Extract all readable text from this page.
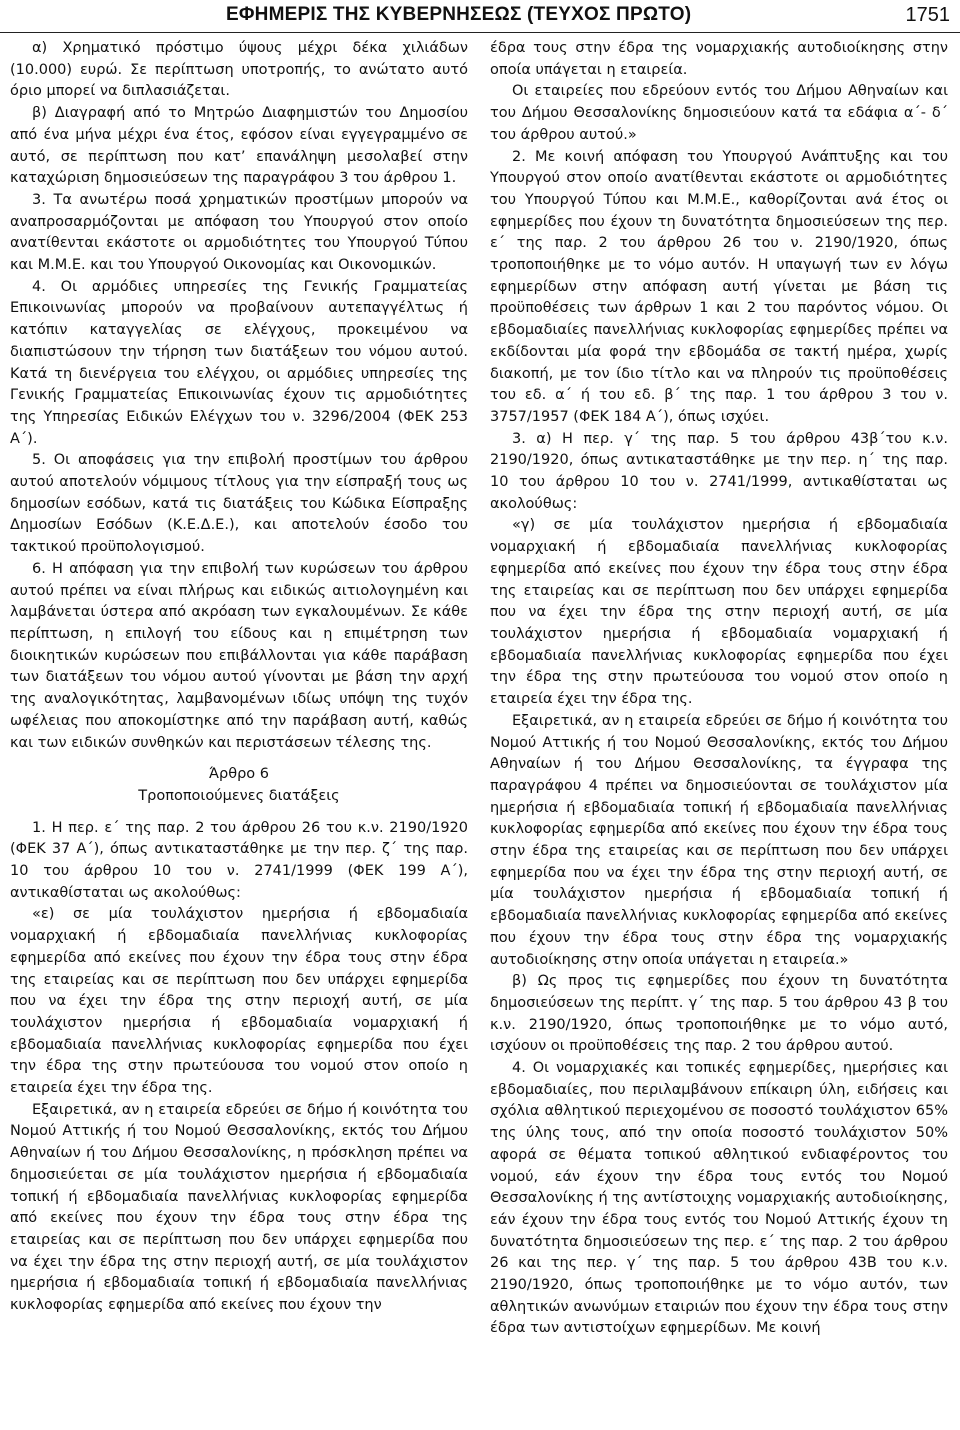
ΕΦΗΜΕΡΙΣ ΤΗΣ ΚΥΒΕΡΝΗΣΕΩΣ (ΤΕΥΧΟΣ ΠΡΩΤΟ)	1751

α) Χρηματικό πρόστιμο ύψους μέχρι δέκα χιλιάδων (10.000) ευρώ. Σε περίπτωση υποτροπής, το ανώτατο αυτό όριο μπορεί να διπλασιάζεται.

β) Διαγραφή από το Μητρώο Διαφημιστών του Δημοσίου από ένα μήνα μέχρι ένα έτος, εφόσον είναι εγγεγραμμένο σε αυτό, σε περίπτωση που κατ’ επανάληψη μεσολαβεί στην καταχώριση δημοσιεύσεων της παραγράφου 3 του άρθρου 1.

3. Τα ανωτέρω ποσά χρηματικών προστίμων μπορούν να αναπροσαρμόζονται με απόφαση του Υπουργού στον οποίο ανατίθενται εκάστοτε οι αρμοδιότητες του Υπουργού Τύπου και Μ.Μ.Ε. και του Υπουργού Οικονομίας και Οικονομικών.

4. Οι αρμόδιες υπηρεσίες της Γενικής Γραμματείας Επικοινωνίας μπορούν να προβαίνουν αυτεπαγγέλτως ή κατόπιν καταγγελίας σε ελέγχους, προκειμένου να διαπιστώσουν την τήρηση των διατάξεων του νόμου αυτού. Κατά τη διενέργεια του ελέγχου, οι αρμόδιες υπηρεσίες της Γενικής Γραμματείας Επικοινωνίας έχουν τις αρμοδιότητες της Υπηρεσίας Ειδικών Ελέγχων του ν. 3296/2004 (ΦΕΚ 253 Α΄).

5. Οι αποφάσεις για την επιβολή προστίμων του άρθρου αυτού αποτελούν νόμιμους τίτλους για την είσπραξή τους ως δημοσίων εσόδων, κατά τις διατάξεις του Κώδικα Είσπραξης Δημοσίων Εσόδων (Κ.Ε.Δ.Ε.), και αποτελούν έσοδο του τακτικού προϋπολογισμού.

6. Η απόφαση για την επιβολή των κυρώσεων του άρθρου αυτού πρέπει να είναι πλήρως και ειδικώς αιτιολογημένη και λαμβάνεται ύστερα από ακρόαση των εγκαλουμένων. Σε κάθε περίπτωση, η επιλογή του είδους και η επιμέτρηση των διοικητικών κυρώσεων που επιβάλλονται για κάθε παράβαση των διατάξεων του νόμου αυτού γίνονται με βάση την αρχή της αναλογικότητας, λαμβανομένων ιδίως υπόψη της τυχόν ωφέλειας που αποκομίστηκε από την παράβαση αυτή, καθώς και των ειδικών συνθηκών και περιστάσεων τέλεσης της.

Άρθρο 6

Τροποποιούμενες διατάξεις

1. Η περ. ε΄ της παρ. 2 του άρθρου 26 του κ.ν. 2190/1920 (ΦΕΚ 37 Α΄), όπως αντικαταστάθηκε με την περ. ζ΄ της παρ. 10 του άρθρου 10 του ν. 2741/1999 (ΦΕΚ 199 Α΄), αντικαθίσταται ως ακολούθως:

«ε) σε μία τουλάχιστον ημερήσια ή εβδομαδιαία νομαρχιακή ή εβδομαδιαία πανελλήνιας κυκλοφορίας εφημερίδα από εκείνες που έχουν την έδρα τους στην έδρα της εταιρείας και σε περίπτωση που δεν υπάρχει εφημερίδα που να έχει την έδρα της στην περιοχή αυτή, σε μία τουλάχιστον ημερήσια ή εβδομαδιαία νομαρχιακή ή εβδομαδιαία πανελλήνιας κυκλοφορίας εφημερίδα που έχει την έδρα της στην πρωτεύουσα του νομού στον οποίο η εταιρεία έχει την έδρα της.

Εξαιρετικά, αν η εταιρεία εδρεύει σε δήμο ή κοινότητα του Νομού Αττικής ή του Νομού Θεσσαλονίκης, εκτός του Δήμου Αθηναίων ή του Δήμου Θεσσαλονίκης, η πρόσκληση πρέπει να δημοσιεύεται σε μία τουλάχιστον ημερήσια ή εβδομαδιαία τοπική ή εβδομαδιαία πανελλήνιας κυκλοφορίας εφημερίδα από εκείνες που έχουν την έδρα τους στην έδρα της εταιρείας και σε περίπτωση που δεν υπάρχει εφημερίδα που να έχει την έδρα της στην περιοχή αυτή, σε μία τουλάχιστον ημερήσια ή εβδομαδιαία τοπική ή εβδομαδιαία πανελλήνιας κυκλοφορίας εφημερίδα από εκείνες που έχουν την

έδρα τους στην έδρα της νομαρχιακής αυτοδιοίκησης στην οποία υπάγεται η εταιρεία.

Οι εταιρείες που εδρεύουν εντός του Δήμου Αθηναίων και του Δήμου Θεσσαλονίκης δημοσιεύουν κατά τα εδάφια α΄- δ΄ του άρθρου αυτού.»

2. Με κοινή απόφαση του Υπουργού Ανάπτυξης και του Υπουργού στον οποίο ανατίθενται εκάστοτε οι αρμοδιότητες του Υπουργού Τύπου και Μ.Μ.Ε., καθορίζονται ανά έτος οι εφημερίδες που έχουν τη δυνατότητα δημοσιεύσεων της περ. ε΄ της παρ. 2 του άρθρου 26 του ν. 2190/1920, όπως τροποποιήθηκε με το νόμο αυτόν. Η υπαγωγή των εν λόγω εφημερίδων στην απόφαση αυτή γίνεται με βάση τις προϋποθέσεις των άρθρων 1 και 2 του παρόντος νόμου. Οι εβδομαδιαίες πανελλήνιας κυκλοφορίας εφημερίδες πρέπει να εκδίδονται μία φορά την εβδομάδα σε τακτή ημέρα, χωρίς διακοπή, με τον ίδιο τίτλο και να πληρούν τις προϋποθέσεις του εδ. α΄ ή του εδ. β΄ της παρ. 1 του άρθρου 3 του ν. 3757/1957 (ΦΕΚ 184 Α΄), όπως ισχύει.

3. α) Η περ. γ΄ της παρ. 5 του άρθρου 43β΄του κ.ν. 2190/1920, όπως αντικαταστάθηκε με την περ. η΄ της παρ. 10 του άρθρου 10 του ν. 2741/1999, αντικαθίσταται ως ακολούθως:

«γ) σε μία τουλάχιστον ημερήσια ή εβδομαδιαία νομαρχιακή ή εβδομαδιαία πανελλήνιας κυκλοφορίας εφημερίδα από εκείνες που έχουν την έδρα τους στην έδρα της εταιρείας και σε περίπτωση που δεν υπάρχει εφημερίδα που να έχει την έδρα της στην περιοχή αυτή, σε μία τουλάχιστον ημερήσια ή εβδομαδιαία νομαρχιακή ή εβδομαδιαία πανελλήνιας κυκλοφορίας εφημερίδα που έχει την έδρα της στην πρωτεύουσα του νομού στον οποίο η εταιρεία έχει την έδρα της.

Εξαιρετικά, αν η εταιρεία εδρεύει σε δήμο ή κοινότητα του Νομού Αττικής ή του Νομού Θεσσαλονίκης, εκτός του Δήμου Αθηναίων ή του Δήμου Θεσσαλονίκης, τα έγγραφα της παραγράφου 4 πρέπει να δημοσιεύονται σε τουλάχιστον μία ημερήσια ή εβδομαδιαία τοπική ή εβδομαδιαία πανελλήνιας κυκλοφορίας εφημερίδα από εκείνες που έχουν την έδρα τους στην έδρα της εταιρείας και σε περίπτωση που δεν υπάρχει εφημερίδα που να έχει την έδρα της στην περιοχή αυτή, σε μία τουλάχιστον ημερήσια ή εβδομαδιαία τοπική ή εβδομαδιαία πανελλήνιας κυκλοφορίας εφημερίδα από εκείνες που έχουν την έδρα τους στην έδρα της νομαρχιακής αυτοδιοίκησης στην οποία υπάγεται η εταιρεία.»

β) Ως προς τις εφημερίδες που έχουν τη δυνατότητα δημοσιεύσεων της περίπτ. γ΄ της παρ. 5 του άρθρου 43 β του κ.ν. 2190/1920, όπως τροποποιήθηκε με το νόμο αυτό, ισχύουν οι προϋποθέσεις της παρ. 2 του άρθρου αυτού.

4. Οι νομαρχιακές και τοπικές εφημερίδες, ημερήσιες και εβδομαδιαίες, που περιλαμβάνουν επίκαιρη ύλη, ειδήσεις και σχόλια αθλητικού περιεχομένου σε ποσοστό τουλάχιστον 65% της ύλης τους, από την οποία ποσοστό τουλάχιστον 50% αφορά σε θέματα τοπικού αθλητικού ενδιαφέροντος του νομού, εάν έχουν την έδρα τους εντός του Νομού Θεσσαλονίκης ή της αντίστοιχης νομαρχιακής αυτοδιοίκησης, εάν έχουν την έδρα τους εντός του Νομού Αττικής έχουν τη δυνατότητα δημοσιεύσεων της περ. ε΄ της παρ. 2 του άρθρου 26 και της περ. γ΄ της παρ. 5 του άρθρου 43Β του κ.ν. 2190/1920, όπως τροποποιήθηκε με το νόμο αυτόν, των αθλητικών ανωνύμων εταιριών που έχουν την έδρα τους στην έδρα των αντιστοίχων εφημερίδων. Με κοινή
